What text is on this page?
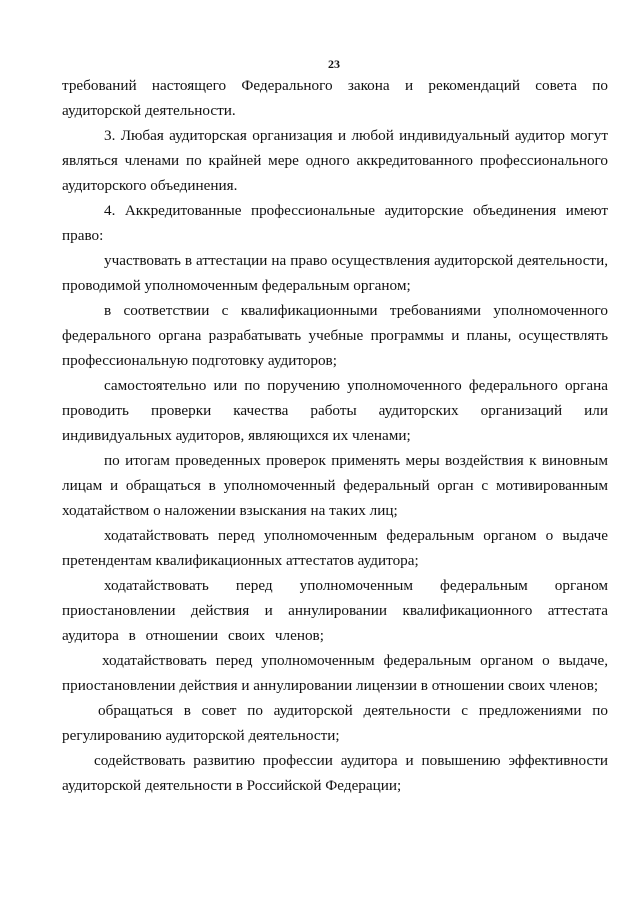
23

требований настоящего Федерального закона и рекомендаций совета по аудиторской деятельности.

3. Любая аудиторская организация и любой индивидуальный аудитор могут являться членами по крайней мере одного аккредитованного профессионального аудиторского объединения.

4. Аккредитованные профессиональные аудиторские объединения имеют право:

участвовать в аттестации на право осуществления аудиторской деятельности, проводимой уполномоченным федеральным органом;

в соответствии с квалификационными требованиями уполномоченного федерального органа разрабатывать учебные программы и планы, осуществлять профессиональную подготовку аудиторов;

самостоятельно или по поручению уполномоченного федерального органа проводить проверки качества работы аудиторских организаций или индивидуальных аудиторов, являющихся их членами;

по итогам проведенных проверок применять меры воздействия к виновным лицам и обращаться в уполномоченный федеральный орган с мотивированным ходатайством о наложении взыскания на таких лиц;

ходатайствовать перед уполномоченным федеральным органом о выдаче претендентам квалификационных аттестатов аудитора;

ходатайствовать перед уполномоченным федеральным органом приостановлении действия и аннулировании квалификационного аттестата аудитора в отношении своих членов;

ходатайствовать перед уполномоченным федеральным органом о выдаче, приостановлении действия и аннулировании лицензии в отношении своих членов;

обращаться в совет по аудиторской деятельности с предложениями по регулированию аудиторской деятельности;

содействовать развитию профессии аудитора и повышению эффективности аудиторской деятельности в Российской Федерации;
